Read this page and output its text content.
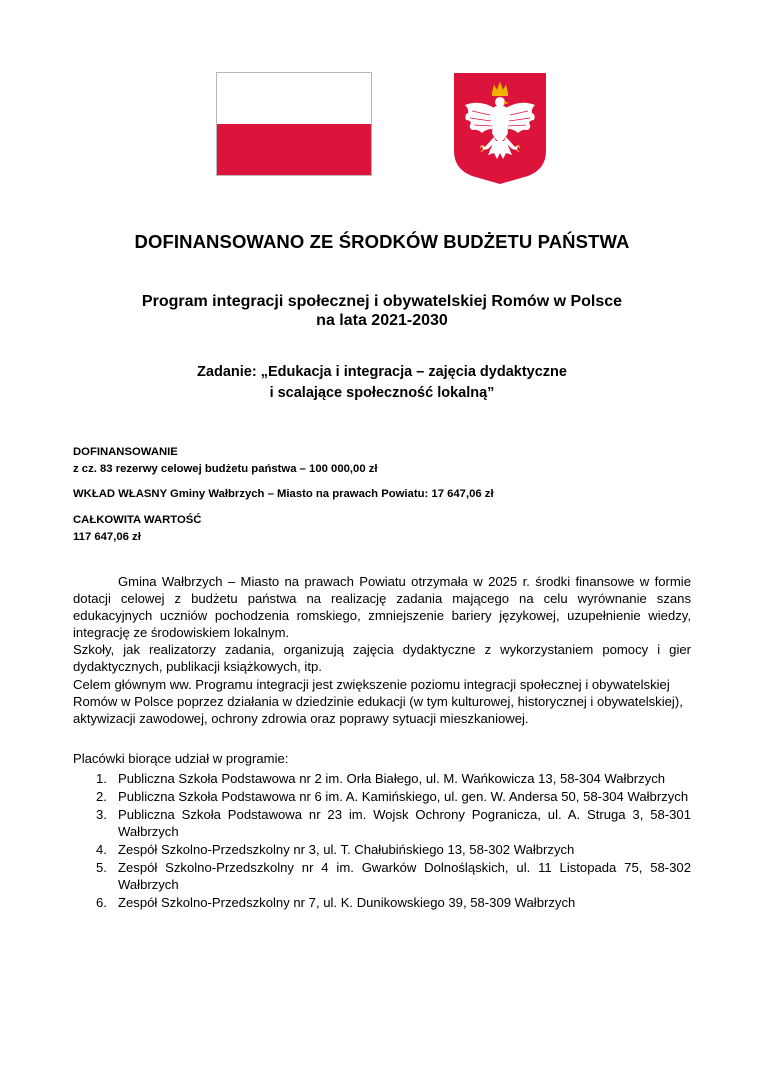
DOFINANSOWANO ZE ŚRODKÓW BUDŻETU PAŃSTWA
Program integracji społecznej i obywatelskiej Romów w Polsce
na lata 2021-2030
Zadanie: „Edukacja i integracja – zajęcia dydaktyczne
i scalające społeczność lokalną”
DOFINANSOWANIE
z cz. 83 rezerwy celowej budżetu państwa – 100 000,00 zł
WKŁAD WŁASNY Gminy Wałbrzych – Miasto na prawach Powiatu: 17 647,06 zł
CAŁKOWITA WARTOŚĆ
117 647,06 zł

Gmina Wałbrzych – Miasto na prawach Powiatu otrzymała w 2025 r. środki finansowe w formie dotacji celowej z budżetu państwa na realizację zadania mającego na celu wyrównanie szans edukacyjnych uczniów pochodzenia romskiego, zmniejszenie bariery językowej, uzupełnienie wiedzy, integrację ze środowiskiem lokalnym.

Szkoły, jak realizatorzy zadania, organizują zajęcia dydaktyczne z wykorzystaniem pomocy i gier dydaktycznych, publikacji książkowych, itp.

Celem głównym ww. Programu integracji jest zwiększenie poziomu integracji społecznej i obywatelskiej Romów w Polsce poprzez działania w dziedzinie edukacji (w tym kulturowej, historycznej i obywatelskiej), aktywizacji zawodowej, ochrony zdrowia oraz poprawy sytuacji mieszkaniowej.

Placówki biorące udział w programie:
1. Publiczna Szkoła Podstawowa nr 2 im. Orła Białego, ul. M. Wańkowicza 13, 58-304 Wałbrzych
2. Publiczna Szkoła Podstawowa nr 6 im. A. Kamińskiego, ul. gen. W. Andersa 50, 58-304 Wałbrzych
3. Publiczna Szkoła Podstawowa nr 23 im. Wojsk Ochrony Pogranicza, ul. A. Struga 3, 58-301 Wałbrzych
4. Zespół Szkolno-Przedszkolny nr 3, ul. T. Chałubińskiego 13, 58-302 Wałbrzych
5. Zespół Szkolno-Przedszkolny nr 4 im. Gwarków Dolnośląskich, ul. 11 Listopada 75, 58-302 Wałbrzych
6. Zespół Szkolno-Przedszkolny nr 7, ul. K. Dunikowskiego 39, 58-309 Wałbrzych
